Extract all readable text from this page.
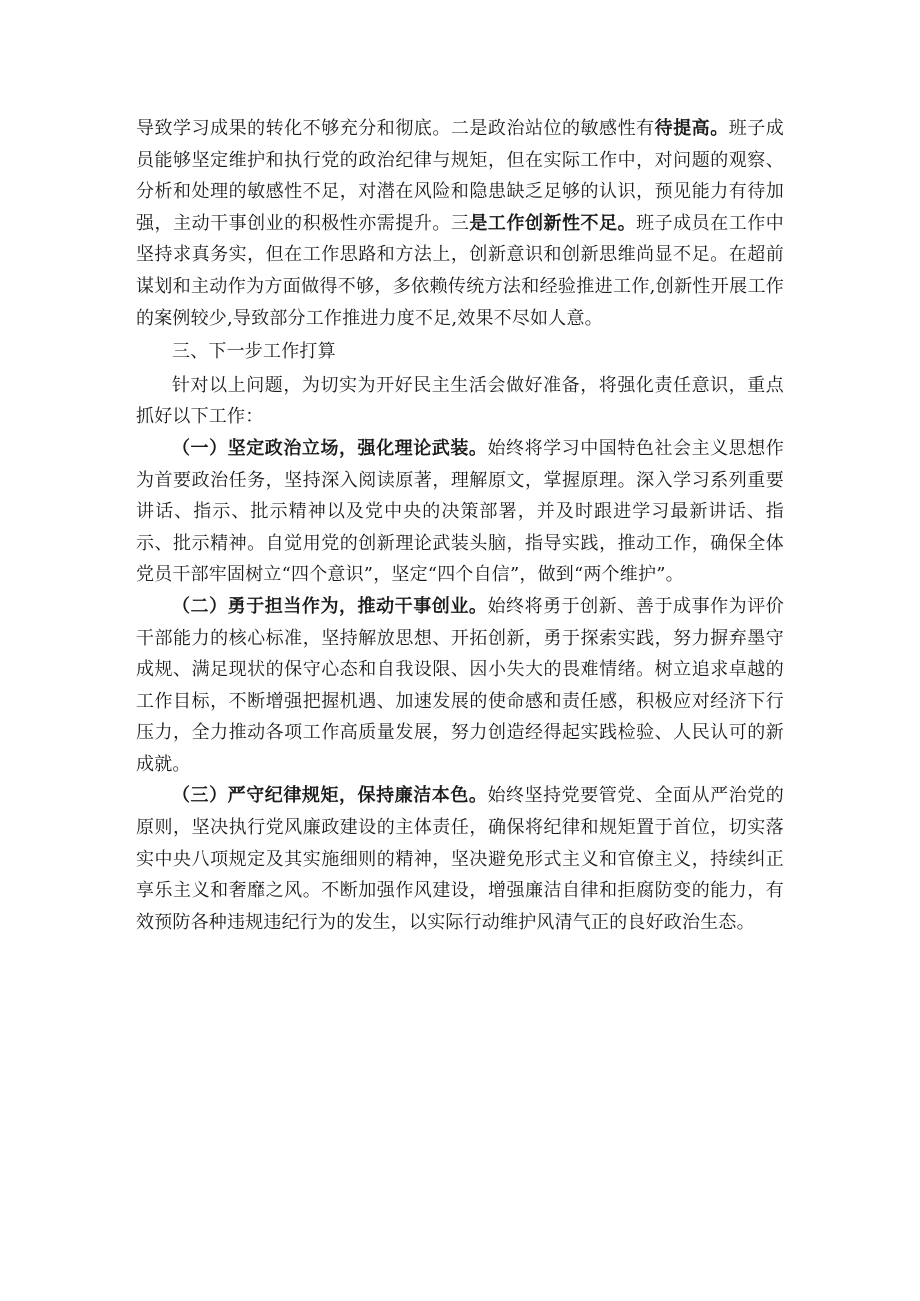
导致学习成果的转化不够充分和彻底。二是政治站位的敏感性有待提高。班子成员能够坚定维护和执行党的政治纪律与规矩，但在实际工作中，对问题的观察、分析和处理的敏感性不足，对潜在风险和隐患缺乏足够的认识，预见能力有待加强，主动干事创业的积极性亦需提升。三是工作创新性不足。班子成员在工作中坚持求真务实，但在工作思路和方法上，创新意识和创新思维尚显不足。在超前谋划和主动作为方面做得不够，多依赖传统方法和经验推进工作,创新性开展工作的案例较少,导致部分工作推进力度不足,效果不尽如人意。

三、下一步工作打算

针对以上问题，为切实为开好民主生活会做好准备，将强化责任意识，重点抓好以下工作：

（一）坚定政治立场，强化理论武装。始终将学习中国特色社会主义思想作为首要政治任务，坚持深入阅读原著，理解原文，掌握原理。深入学习系列重要讲话、指示、批示精神以及党中央的决策部署，并及时跟进学习最新讲话、指示、批示精神。自觉用党的创新理论武装头脑，指导实践，推动工作，确保全体党员干部牢固树立“四个意识”，坚定“四个自信”，做到“两个维护”。

（二）勇于担当作为，推动干事创业。始终将勇于创新、善于成事作为评价干部能力的核心标准，坚持解放思想、开拓创新，勇于探索实践，努力摒弃墨守成规、满足现状的保守心态和自我设限、因小失大的畏难情绪。树立追求卓越的工作目标，不断增强把握机遇、加速发展的使命感和责任感，积极应对经济下行压力，全力推动各项工作高质量发展，努力创造经得起实践检验、人民认可的新成就。

（三）严守纪律规矩，保持廉洁本色。始终坚持党要管党、全面从严治党的原则，坚决执行党风廉政建设的主体责任，确保将纪律和规矩置于首位，切实落实中央八项规定及其实施细则的精神，坚决避免形式主义和官僚主义，持续纠正享乐主义和奢靡之风。不断加强作风建设，增强廉洁自律和拒腐防变的能力，有效预防各种违规违纪行为的发生，以实际行动维护风清气正的良好政治生态。
